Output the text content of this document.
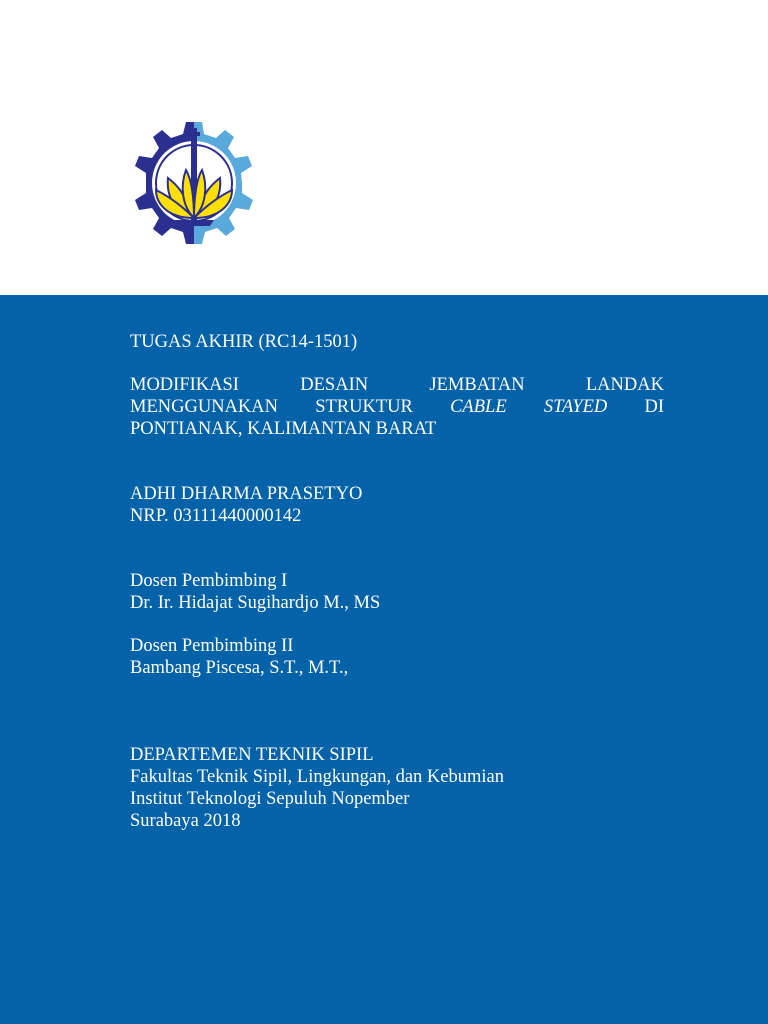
TUGAS AKHIR (RC14-1501)
MODIFIKASI	DESAIN	JEMBATAN	LANDAK
MENGGUNAKAN STRUKTUR CABLE STAYED DI
PONTIANAK, KALIMANTAN BARAT
ADHI DHARMA PRASETYO
NRP. 03111440000142
Dosen Pembimbing I
Dr. Ir. Hidajat Sugihardjo M., MS
Dosen Pembimbing II
Bambang Piscesa, S.T., M.T.,
DEPARTEMEN TEKNIK SIPIL
Fakultas Teknik Sipil, Lingkungan, dan Kebumian
Institut Teknologi Sepuluh Nopember
Surabaya 2018
